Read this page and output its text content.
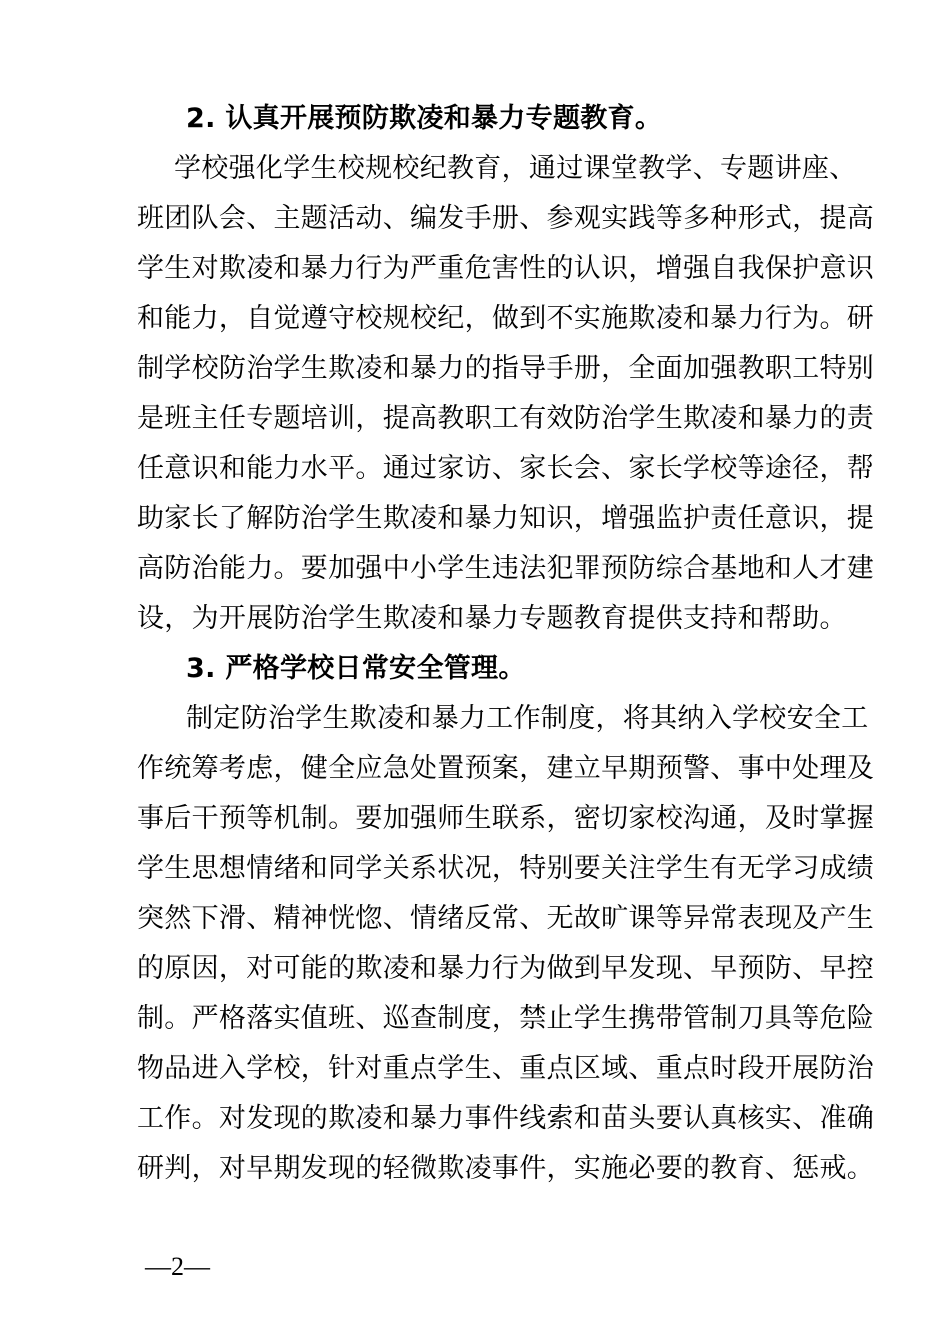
2. 认真开展预防欺凌和暴力专题教育。
学校强化学生校规校纪教育，通过课堂教学、专题讲座、
班团队会、主题活动、编发手册、参观实践等多种形式，提高
学生对欺凌和暴力行为严重危害性的认识，增强自我保护意识
和能力，自觉遵守校规校纪，做到不实施欺凌和暴力行为。研
制学校防治学生欺凌和暴力的指导手册，全面加强教职工特别
是班主任专题培训，提高教职工有效防治学生欺凌和暴力的责
任意识和能力水平。通过家访、家长会、家长学校等途径，帮
助家长了解防治学生欺凌和暴力知识，增强监护责任意识，提
高防治能力。要加强中小学生违法犯罪预防综合基地和人才建
设，为开展防治学生欺凌和暴力专题教育提供支持和帮助。
3. 严格学校日常安全管理。
制定防治学生欺凌和暴力工作制度，将其纳入学校安全工
作统筹考虑，健全应急处置预案，建立早期预警、事中处理及
事后干预等机制。要加强师生联系，密切家校沟通，及时掌握
学生思想情绪和同学关系状况，特别要关注学生有无学习成绩
突然下滑、精神恍惚、情绪反常、无故旷课等异常表现及产生
的原因，对可能的欺凌和暴力行为做到早发现、早预防、早控
制。严格落实值班、巡查制度，禁止学生携带管制刀具等危险
物品进入学校，针对重点学生、重点区域、重点时段开展防治
工作。对发现的欺凌和暴力事件线索和苗头要认真核实、准确
研判，对早期发现的轻微欺凌事件，实施必要的教育、惩戒。
—2—
